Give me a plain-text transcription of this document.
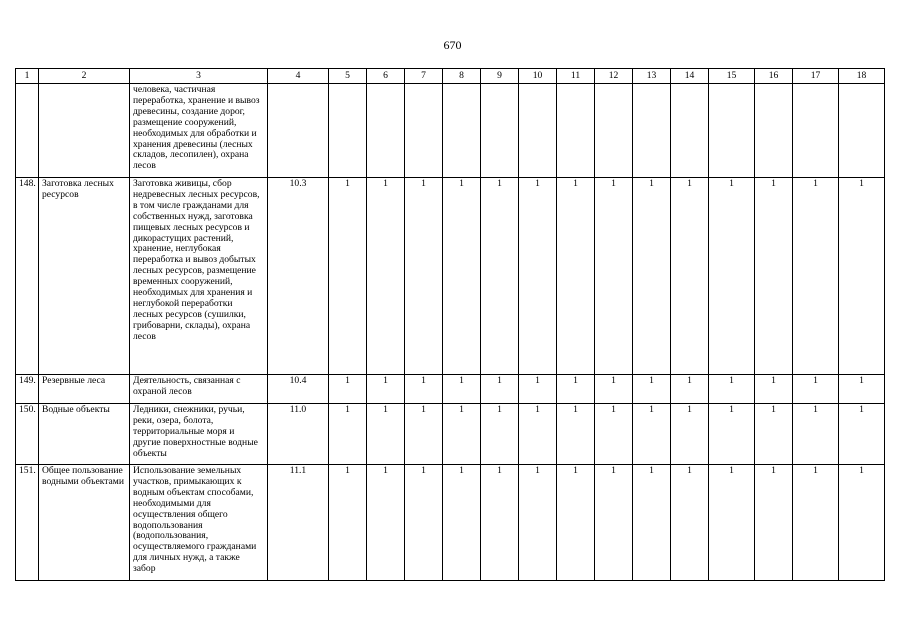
670
1	2	3	4	5	6	7	8	9	10	11	12	13	14	15	16	17	18
		человека, частичная переработка, хранение и вывоз древесины, создание дорог, размещение сооружений, необходимых для обработки и хранения древесины (лесных складов, лесопилен), охрана лесов															
148.	Заготовка лесных ресурсов	Заготовка живицы, сбор недревесных лесных ресурсов, в том числе гражданами для собственных нужд, заготовка пищевых лесных ресурсов и дикорастущих растений, хранение, неглубокая переработка и вывоз добытых лесных ресурсов, размещение временных сооружений, необходимых для хранения и неглубокой переработки лесных ресурсов (сушилки, грибоварни, склады), охрана лесов	10.3	1	1	1	1	1	1	1	1	1	1	1	1	1	1
149.	Резервные леса	Деятельность, связанная с охраной лесов	10.4	1	1	1	1	1	1	1	1	1	1	1	1	1	1
150.	Водные объекты	Ледники, снежники, ручьи, реки, озера, болота, территориальные моря и другие поверхностные водные объекты	11.0	1	1	1	1	1	1	1	1	1	1	1	1	1	1
151.	Общее пользование водными объектами	Использование земельных участков, примыкающих к водным объектам способами, необходимыми для осуществления общего водопользования (водопользования, осуществляемого гражданами для личных нужд, а также забор	11.1	1	1	1	1	1	1	1	1	1	1	1	1	1	1
